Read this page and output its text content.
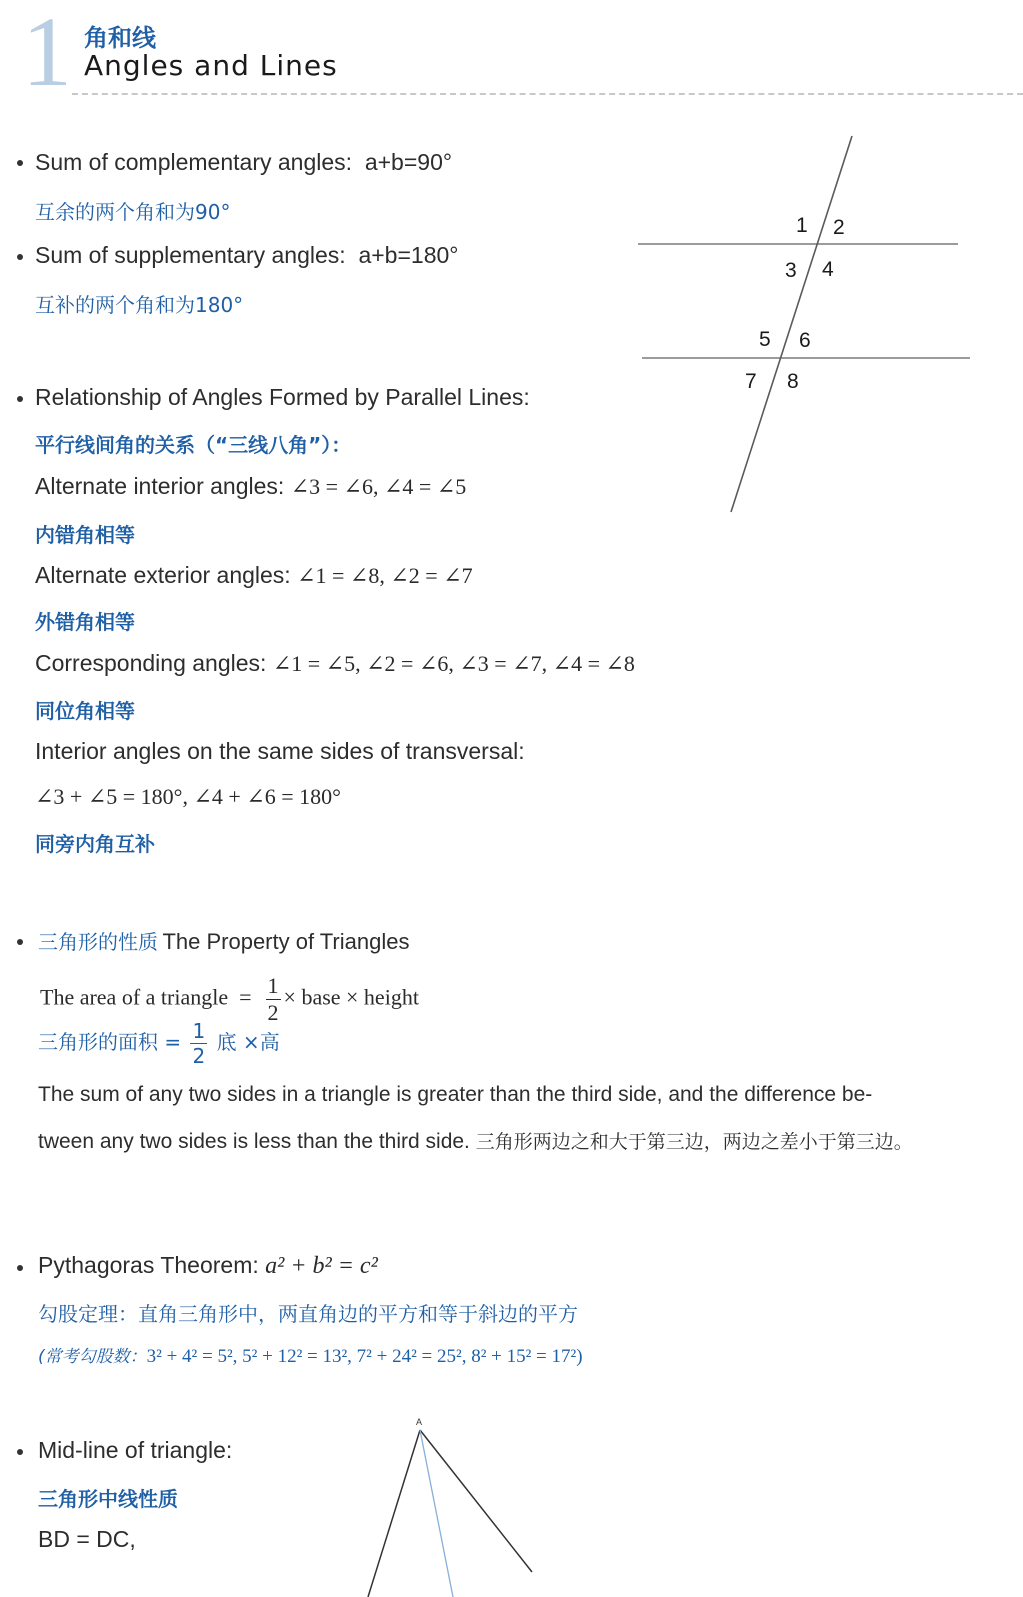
1 角和线
Angles and Lines
Sum of complementary angles: a+b=90°
互余的两个角和为90°
Sum of supplementary angles: a+b=180°
互补的两个角和为180°
Relationship of Angles Formed by Parallel Lines:
平行线间角的关系（“三线八角”）：
Alternate interior angles: ∠3 = ∠6, ∠4 = ∠5
内错角相等
Alternate exterior angles: ∠1 = ∠8, ∠2 = ∠7
外错角相等
Corresponding angles: ∠1 = ∠5, ∠2 = ∠6, ∠3 = ∠7, ∠4 = ∠8
同位角相等
Interior angles on the same sides of transversal:
∠3 + ∠5 = 180°, ∠4 + ∠6 = 180°
同旁内角互补
1 2
3 4
5 6
7 8
三角形的性质 The Property of Triangles
The area of a triangle = $\frac{1}{2}$ × base × height
三角形的面积 = $\frac{1}{2}$ 底 ×高
The sum of any two sides in a triangle is greater than the third side, and the difference be-
tween any two sides is less than the third side. 三角形两边之和大于第三边，两边之差小于第三边。
Pythagoras Theorem: a² + b² = c²
勾股定理：直角三角形中，两直角边的平方和等于斜边的平方
(常考勾股数：3² + 4² = 5², 5² + 12² = 13², 7² + 24² = 25², 8² + 15² = 17²)
Mid-line of triangle:
三角形中线性质
BD = DC,
A
